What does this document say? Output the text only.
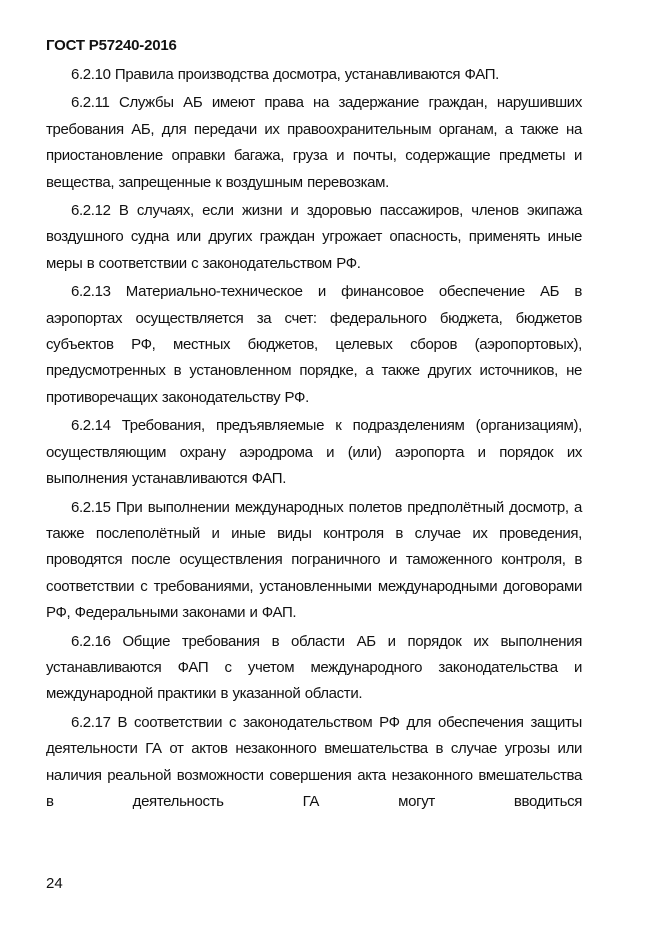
ГОСТ Р57240-2016

6.2.10 Правила производства досмотра, устанавливаются ФАП.

6.2.11 Службы АБ имеют права на задержание граждан, нарушивших требования АБ, для передачи их правоохранительным органам, а также на приостановление оправки багажа, груза и почты, содержащие предметы и вещества, запрещенные к воздушным перевозкам.

6.2.12 В случаях, если жизни и здоровью пассажиров, членов экипажа воздушного судна или других граждан угрожает опасность, применять иные меры в соответствии с законодательством РФ.

6.2.13 Материально-техническое и финансовое обеспечение АБ в аэропортах осуществляется за счет: федерального бюджета, бюджетов субъектов РФ, местных бюджетов, целевых сборов (аэропортовых), предусмотренных в установленном порядке, а также других источников, не противоречащих законодательству РФ.

6.2.14 Требования, предъявляемые к подразделениям (организациям), осуществляющим охрану аэродрома и (или) аэропорта и порядок их выполнения устанавливаются ФАП.

6.2.15 При выполнении международных полетов предполётный досмотр, а также послеполётный и иные виды контроля в случае их проведения, проводятся после осуществления пограничного и таможенного контроля, в соответствии с требованиями, установленными международными договорами РФ, Федеральными законами и ФАП.

6.2.16 Общие требования в области АБ и порядок их выполнения устанавливаются ФАП с учетом международного законодательства и международной практики в указанной области.

6.2.17 В соответствии с законодательством РФ для обеспечения защиты деятельности ГА от актов незаконного вмешательства в случае угрозы или наличия реальной возможности совершения акта незаконного вмешательства в деятельность ГА могут вводиться

24
